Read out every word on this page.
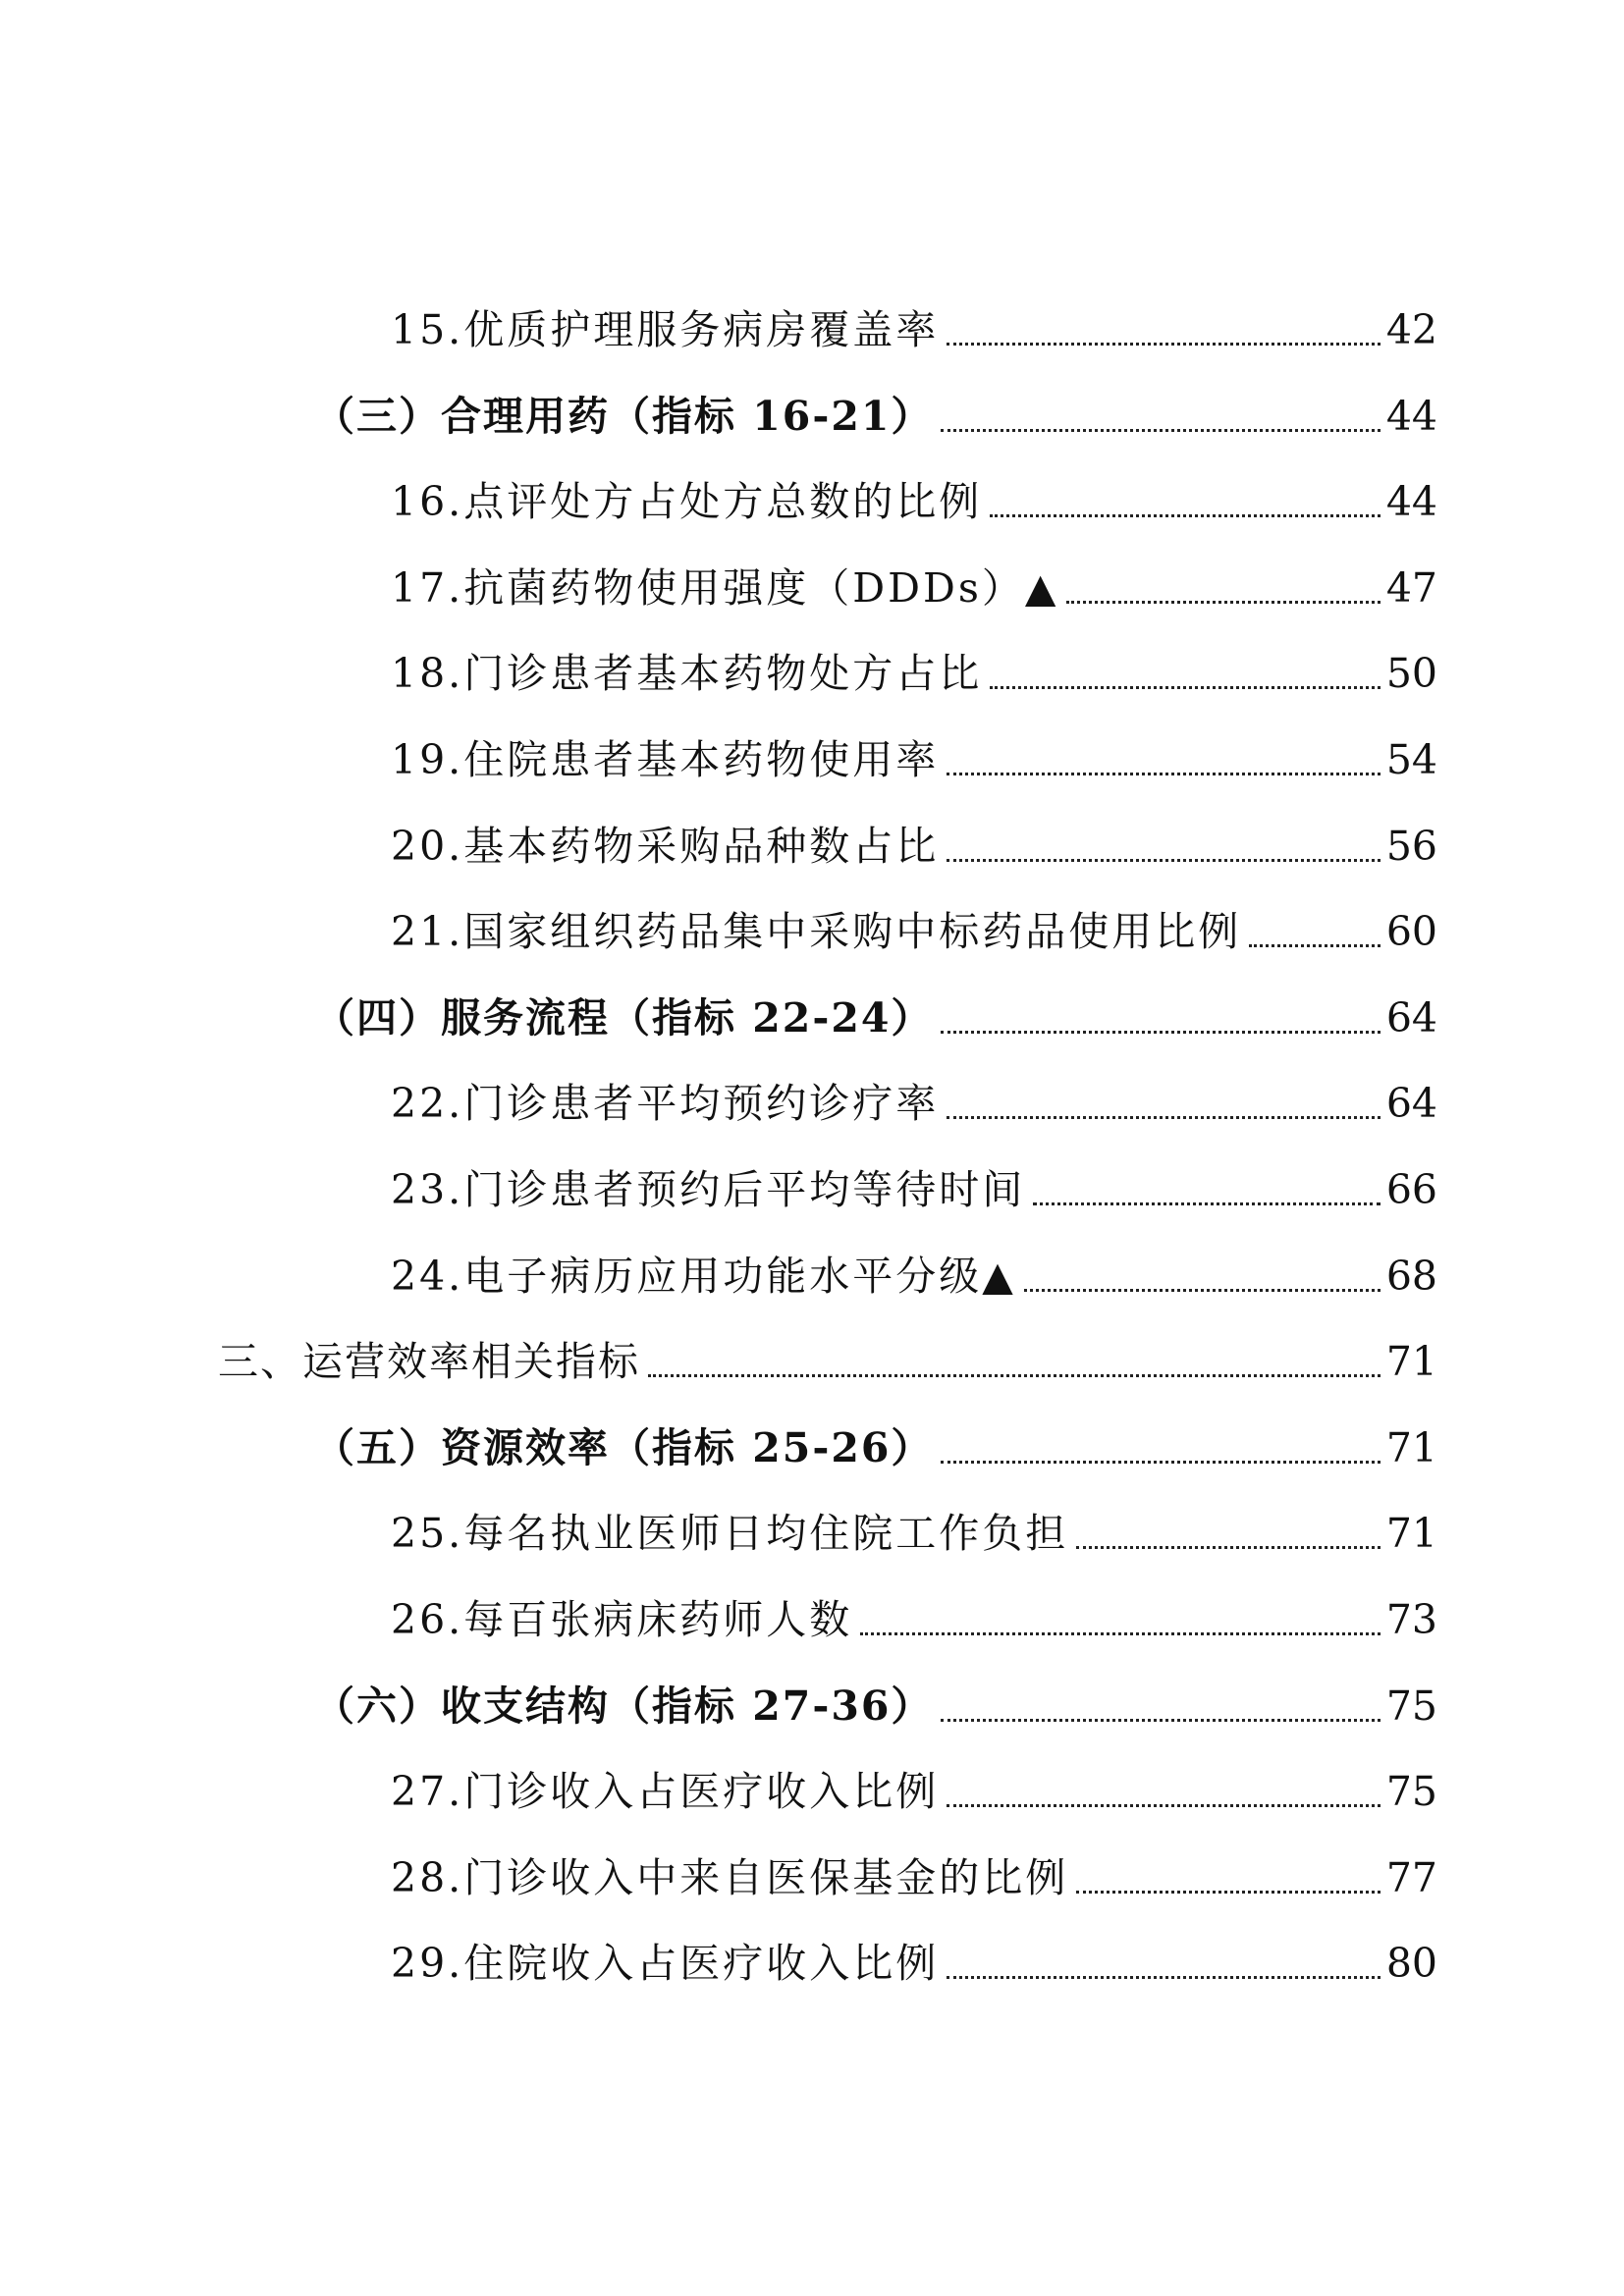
15.优质护理服务病房覆盖率	42
（三）合理用药（指标 16-21）	44
16.点评处方占处方总数的比例	44
17.抗菌药物使用强度（DDDs）▲	47
18.门诊患者基本药物处方占比	50
19.住院患者基本药物使用率	54
20.基本药物采购品种数占比	56
21.国家组织药品集中采购中标药品使用比例	60
（四）服务流程（指标 22-24）	64
22.门诊患者平均预约诊疗率	64
23.门诊患者预约后平均等待时间	66
24.电子病历应用功能水平分级▲	68
三、运营效率相关指标	71
（五）资源效率（指标 25-26）	71
25.每名执业医师日均住院工作负担	71
26.每百张病床药师人数	73
（六）收支结构（指标 27-36）	75
27.门诊收入占医疗收入比例	75
28.门诊收入中来自医保基金的比例	77
29.住院收入占医疗收入比例	80
